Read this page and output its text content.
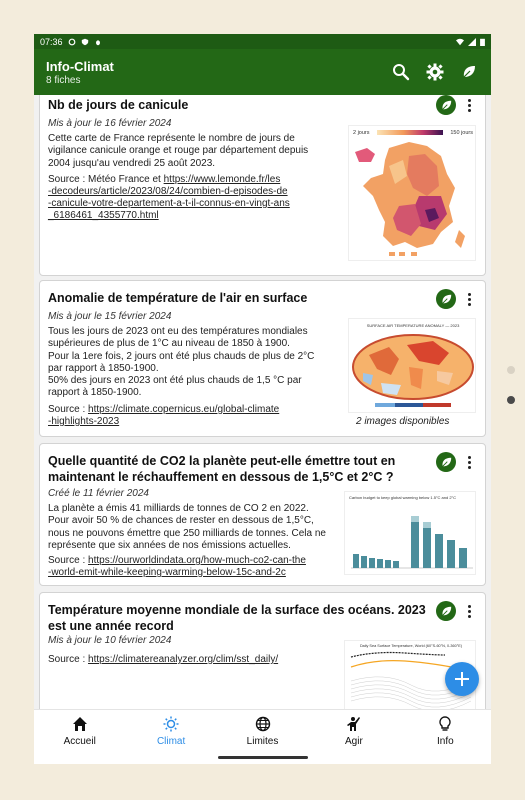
07:36
Info-Climat
8 fiches
Nb de jours de canicule
Mis à jour le 16 février 2024
Cette carte de France représente le nombre de jours de
vigilance canicule orange et rouge par département depuis
2004 jusqu'au vendredi 25 août 2023.
Source : Météo France et https://www.lemonde.fr/les
-decodeurs/article/2023/08/24/combien-d-episodes-de
-canicule-votre-departement-a-t-il-connus-en-vingt-ans
_6186461_4355770.html
2 jours	150 jours
Anomalie de température de l'air en surface
Mis à jour le 15 février 2024
Tous les jours de 2023 ont eu des températures mondiales
supérieures de plus de 1°C au niveau de 1850 à 1900.
Pour la 1ere fois, 2 jours ont été plus chauds de plus de 2°C
par rapport à 1850-1900.
50% des jours en 2023 ont été plus chauds de 1,5 °C par
rapport à 1850-1900.
Source : https://climate.copernicus.eu/global-climate
-highlights-2023
SURFACE AIR TEMPERATURE ANOMALY — 2023
2 images disponibles
Quelle quantité de CO2 la planète peut-elle émettre tout en
maintenant le réchauffement en dessous de 1,5°C et 2°C ?
Créé le 11 février 2024
La planète a émis 41 milliards de tonnes de CO 2 en 2022.
Pour avoir 50 % de chances de rester en dessous de 1,5°C,
nous ne pouvons émettre que 250 milliards de tonnes. Cela ne
représente que six années de nos émissions actuelles.
Source : https://ourworldindata.org/how-much-co2-can-the
-world-emit-while-keeping-warming-below-15c-and-2c
Carbon budget to keep global warming below 1.5°C and 2°C
Température moyenne mondiale de la surface des océans. 2023
est une année record
Mis à jour le 10 février 2024
Source : https://climatereanalyzer.org/clim/sst_daily/
Daily Sea Surface Temperature, World (60°S-60°N, 0-360°E)
Accueil	Climat	Limites	Agir	Info
